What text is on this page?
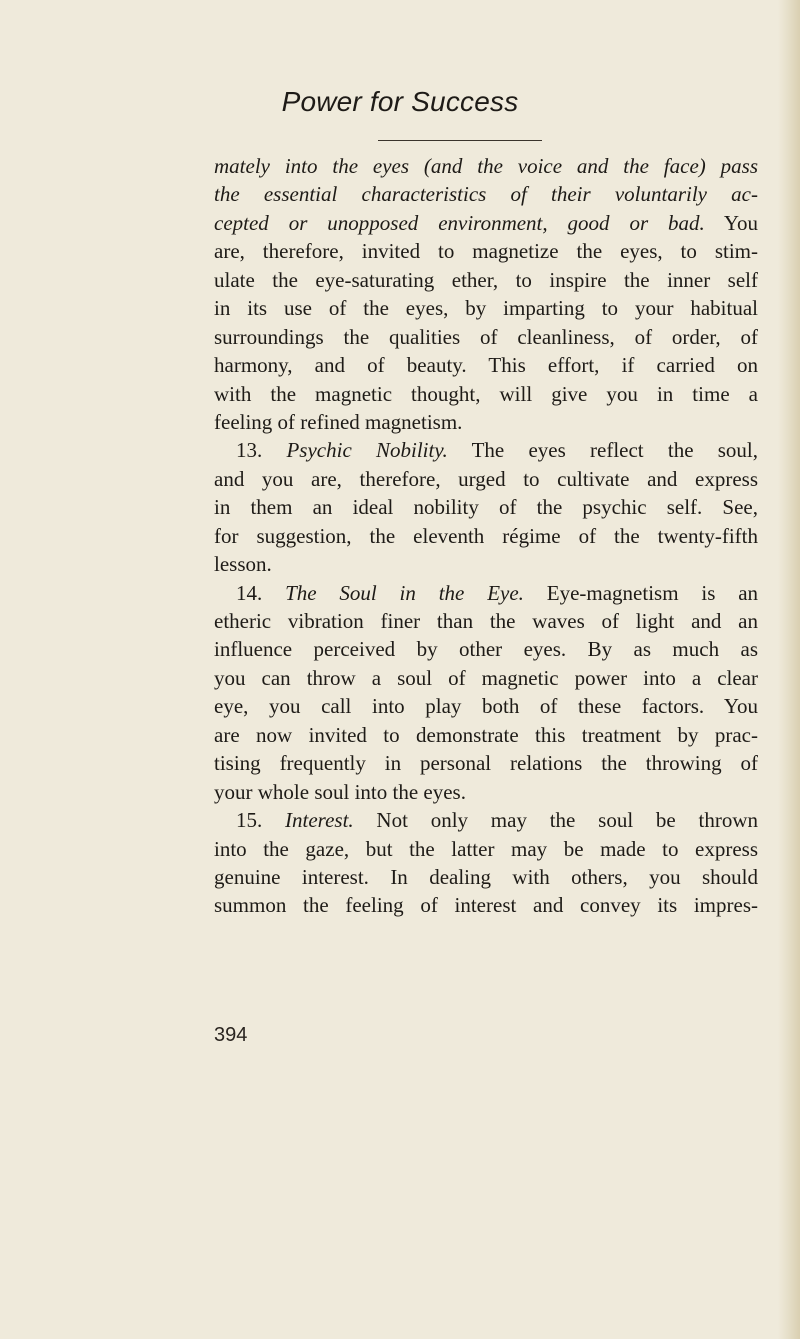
Power for Success
mately into the eyes (and the voice and the face) pass
the essential characteristics of their voluntarily ac-
cepted or unopposed environment, good or bad. You
are, therefore, invited to magnetize the eyes, to stim-
ulate the eye-saturating ether, to inspire the inner self
in its use of the eyes, by imparting to your habitual
surroundings the qualities of cleanliness, of order, of
harmony, and of beauty. This effort, if carried on
with the magnetic thought, will give you in time a
feeling of refined magnetism.
13. Psychic Nobility. The eyes reflect the soul,
and you are, therefore, urged to cultivate and express
in them an ideal nobility of the psychic self. See,
for suggestion, the eleventh régime of the twenty-fifth
lesson.
14. The Soul in the Eye. Eye-magnetism is an
etheric vibration finer than the waves of light and an
influence perceived by other eyes. By as much as
you can throw a soul of magnetic power into a clear
eye, you call into play both of these factors. You
are now invited to demonstrate this treatment by prac-
tising frequently in personal relations the throwing of
your whole soul into the eyes.
15. Interest. Not only may the soul be thrown
into the gaze, but the latter may be made to express
genuine interest. In dealing with others, you should
summon the feeling of interest and convey its impres-
394
